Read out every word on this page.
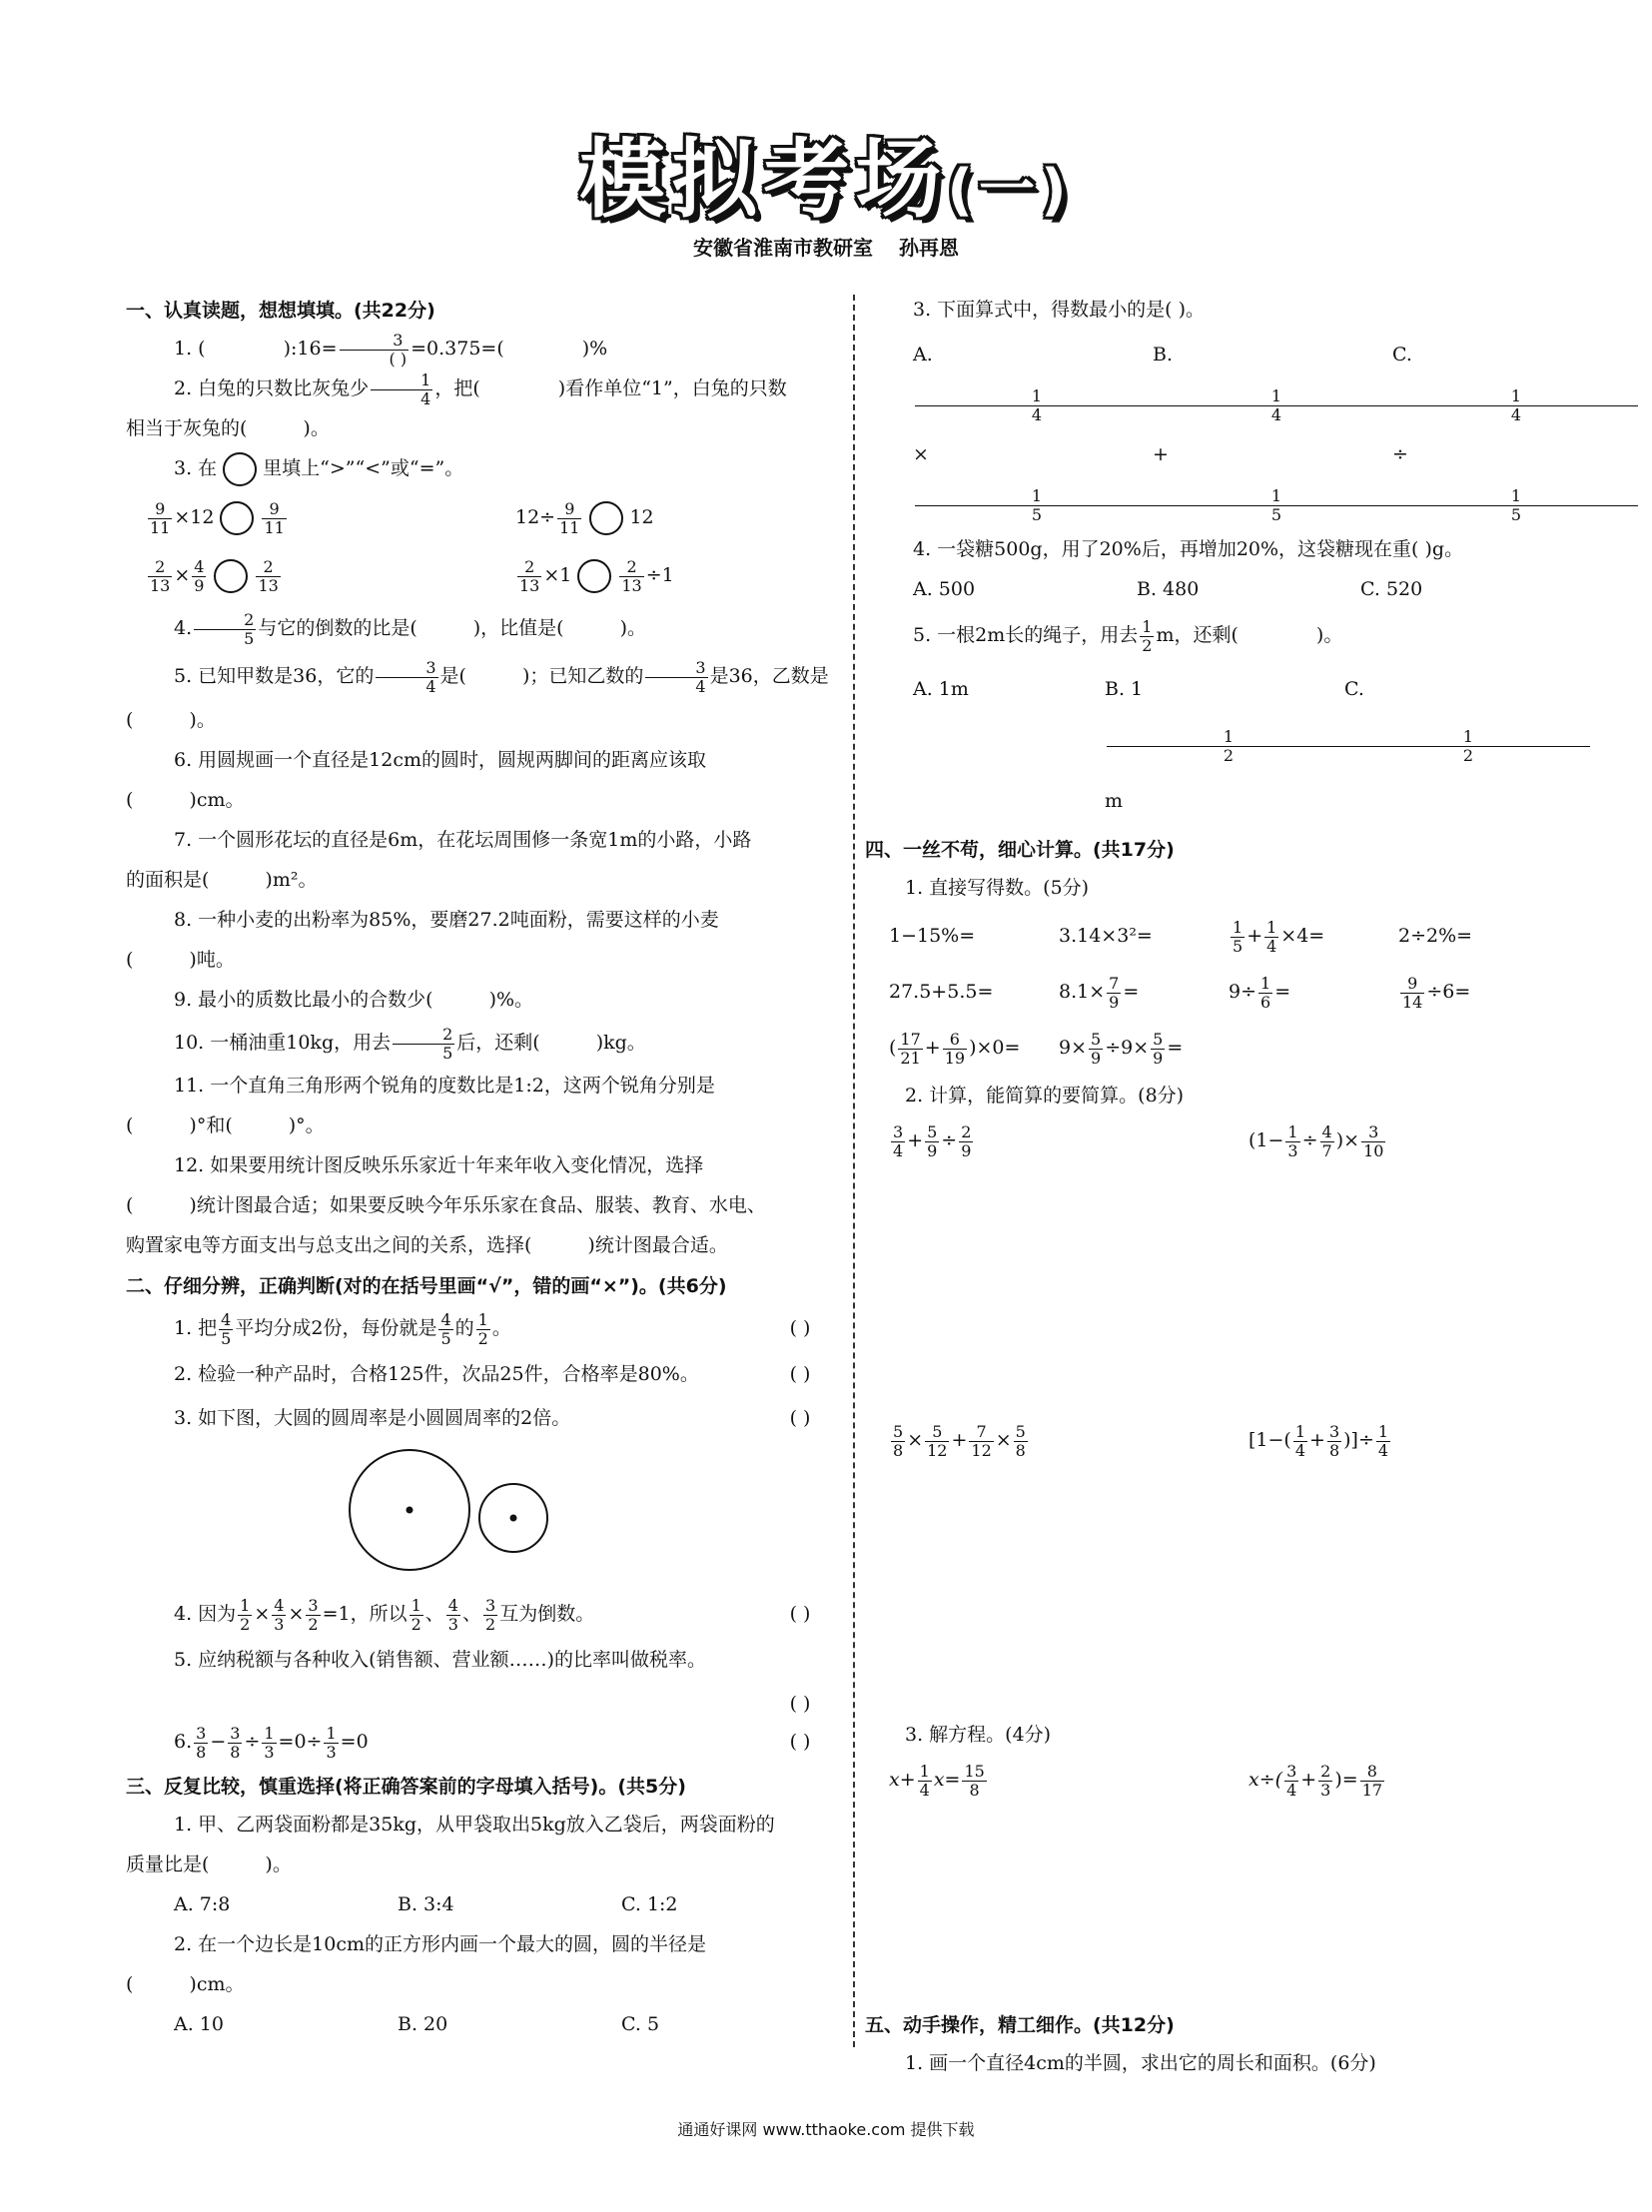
模拟考场(一)
安徽省淮南市教研室 孙再恩
一、认真读题，想想填填。(共22分)
1. (	):16= $\frac{3}{( )} =0.375=$(	)%
2. 白兔的只数比灰兔少 $\frac{1}{4}$ ，把(	)看作单位“1”，白兔的只数
相当于灰兔的(	)。
3. 在 里填上“>”“<”或“=”。
$\frac{9}{11} \times 12$	$\frac{9}{11}$	$12\div \frac{9}{11}$	12
$\frac{2}{13} \times \frac{4}{9}$	$\frac{2}{13}$	$\frac{2}{13} \times 1$	$\frac{2}{13} \div 1$
4. $\frac{2}{5}$ 与它的倒数的比是(	)，比值是(	)。
5. 已知甲数是36，它的 $\frac{3}{4}$ 是(	)；已知乙数的 $\frac{3}{4}$ 是36，乙数是
(	)。
6. 用圆规画一个直径是12cm的圆时，圆规两脚间的距离应该取
(	)cm。
7. 一个圆形花坛的直径是6m，在花坛周围修一条宽1m的小路，小路
的面积是(	)m²。
8. 一种小麦的出粉率为85%，要磨27.2吨面粉，需要这样的小麦
(	)吨。
9. 最小的质数比最小的合数少(	)%。
10. 一桶油重10kg，用去 $\frac{2}{5}$ 后，还剩(	)kg。
11. 一个直角三角形两个锐角的度数比是1:2，这两个锐角分别是
(	)°和(	)°。
12. 如果要用统计图反映乐乐家近十年来年收入变化情况，选择
(	)统计图最合适；如果要反映今年乐乐家在食品、服装、教育、水电、
购置家电等方面支出与总支出之间的关系，选择(	)统计图最合适。
二、仔细分辨，正确判断(对的在括号里画“√”，错的画“×”)。(共6分)
1. 把 $\frac{4}{5}$ 平均分成2份，每份就是 $\frac{4}{5}$ 的 $\frac{1}{2}$ 。	( )
2. 检验一种产品时，合格125件，次品25件，合格率是80%。	( )
3. 如下图，大圆的圆周率是小圆圆周率的2倍。	( )
4. 因为 $\frac{1}{2} \times \frac{4}{3} \times \frac{3}{2} =1$，所以 $\frac{1}{2}$ 、 $\frac{4}{3}$ 、 $\frac{3}{2}$ 互为倒数。	( )
5. 应纳税额与各种收入(销售额、营业额……)的比率叫做税率。
( )
6. $\frac{3}{8} - \frac{3}{8} \div \frac{1}{3} =0\div \frac{1}{3} =0$	( )
三、反复比较，慎重选择(将正确答案前的字母填入括号)。(共5分)
1. 甲、乙两袋面粉都是35kg，从甲袋取出5kg放入乙袋后，两袋面粉的
质量比是(	)。
A. 7:8	B. 3:4	C. 1:2
2. 在一个边长是10cm的正方形内画一个最大的圆，圆的半径是
(	)cm。
A. 10	B. 20	C. 5
3. 下面算式中，得数最小的是( )。
$A.\frac{1}{4}\times\frac{1}{5}$
$B.\frac{1}{4}+\frac{1}{5}$
$C.\frac{1}{4}\div\frac{1}{5}$
4. 一袋糖500g，用了20%后，再增加20%，这袋糖现在重( )g。
A. 500	B. 480	C. 520
5. 一根2m长的绳子，用去 $\frac{1}{2}$ m，还剩(	)。
A. 1m	B. $1\frac{1}{2}m$
$C.\frac{1}{2}$
四、一丝不苟，细心计算。(共17分)
1. 直接写得数。(5分)
1−15%=	3.14×3²=	$\frac{1}{5} + \frac{1}{4} \times 4=$	2÷2%=
27.5+5.5=	$8.1\times \frac{7}{9}$ =	$9\div \frac{1}{6}$ =	$\frac{9}{14} \div 6=$
( $\frac{17}{21} + \frac{6}{19} )\times 0=$	$9\times \frac{5}{9} \div 9\times \frac{5}{9}$ =
2. 计算，能简算的要简算。(8分)
$\frac{3}{4} + \frac{5}{9} \div \frac{2}{9}$	($1- \frac{1}{3} \div \frac{4}{7}$ )× $\frac{3}{10}$
$\frac{5}{8} \times \frac{5}{12} + \frac{7}{12} \times \frac{5}{8}$	[$1-( \frac{1}{4} + \frac{3}{8}$ )]÷ $\frac{1}{4}$
3. 解方程。(4分)
$x+ \frac{1}{4} x= \frac{15}{8}$	$x\div( \frac{3}{4} + \frac{2}{3}$ )= $\frac{8}{17}$
五、动手操作，精工细作。(共12分)
1. 画一个直径4cm的半圆，求出它的周长和面积。(6分)
通通好课网 www.tthaoke.com 提供下载
